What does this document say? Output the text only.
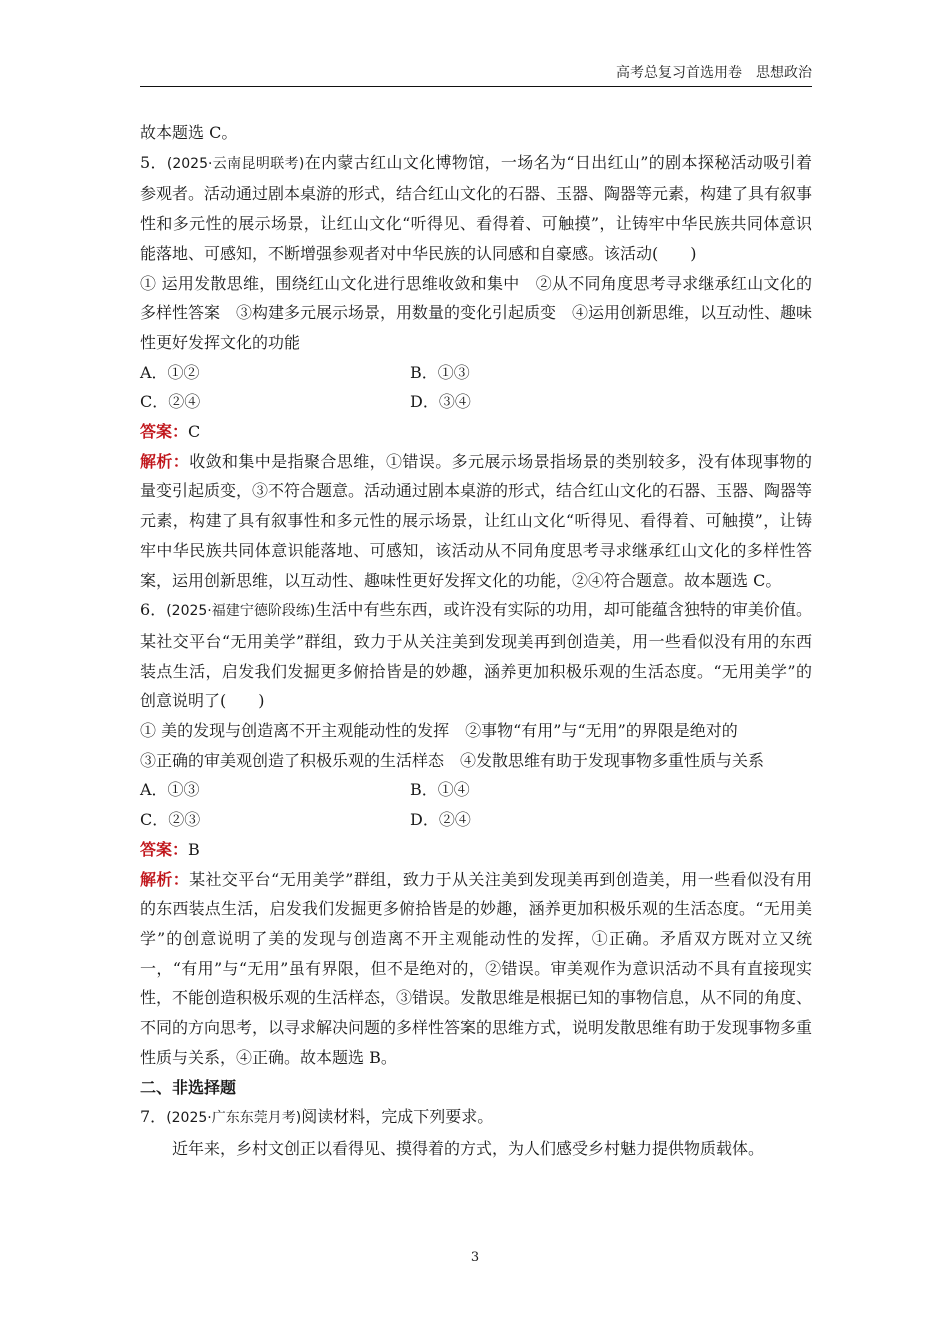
高考总复习首选用卷　思想政治

故本题选 C。

5．(2025·云南昆明联考)在内蒙古红山文化博物馆，一场名为“日出红山”的剧本探秘活动吸引着参观者。活动通过剧本桌游的形式，结合红山文化的石器、玉器、陶器等元素，构建了具有叙事性和多元性的展示场景，让红山文化“听得见、看得着、可触摸”，让铸牢中华民族共同体意识能落地、可感知，不断增强参观者对中华民族的认同感和自豪感。该活动(　　)

① 运用发散思维，围绕红山文化进行思维收敛和集中　②从不同角度思考寻求继承红山文化的多样性答案　③构建多元展示场景，用数量的变化引起质变　④运用创新思维，以互动性、趣味性更好发挥文化的功能

A．①②	B．①③
C．②④	D．③④

答案：C

解析：收敛和集中是指聚合思维，①错误。多元展示场景指场景的类别较多，没有体现事物的量变引起质变，③不符合题意。活动通过剧本桌游的形式，结合红山文化的石器、玉器、陶器等元素，构建了具有叙事性和多元性的展示场景，让红山文化“听得见、看得着、可触摸”，让铸牢中华民族共同体意识能落地、可感知，该活动从不同角度思考寻求继承红山文化的多样性答案，运用创新思维，以互动性、趣味性更好发挥文化的功能，②④符合题意。故本题选 C。

6．(2025·福建宁德阶段练)生活中有些东西，或许没有实际的功用，却可能蕴含独特的审美价值。某社交平台“无用美学”群组，致力于从关注美到发现美再到创造美，用一些看似没有用的东西装点生活，启发我们发掘更多俯拾皆是的妙趣，涵养更加积极乐观的生活态度。“无用美学”的创意说明了(　　)

① 美的发现与创造离不开主观能动性的发挥　②事物“有用”与“无用”的界限是绝对的

③正确的审美观创造了积极乐观的生活样态　④发散思维有助于发现事物多重性质与关系

A．①③	B．①④
C．②③	D．②④

答案：B

解析：某社交平台“无用美学”群组，致力于从关注美到发现美再到创造美，用一些看似没有用的东西装点生活，启发我们发掘更多俯拾皆是的妙趣，涵养更加积极乐观的生活态度。“无用美学”的创意说明了美的发现与创造离不开主观能动性的发挥，①正确。矛盾双方既对立又统一，“有用”与“无用”虽有界限，但不是绝对的，②错误。审美观作为意识活动不具有直接现实性，不能创造积极乐观的生活样态，③错误。发散思维是根据已知的事物信息，从不同的角度、不同的方向思考，以寻求解决问题的多样性答案的思维方式，说明发散思维有助于发现事物多重性质与关系，④正确。故本题选 B。

二、非选择题

7．(2025·广东东莞月考)阅读材料，完成下列要求。

近年来，乡村文创正以看得见、摸得着的方式，为人们感受乡村魅力提供物质载体。

3
